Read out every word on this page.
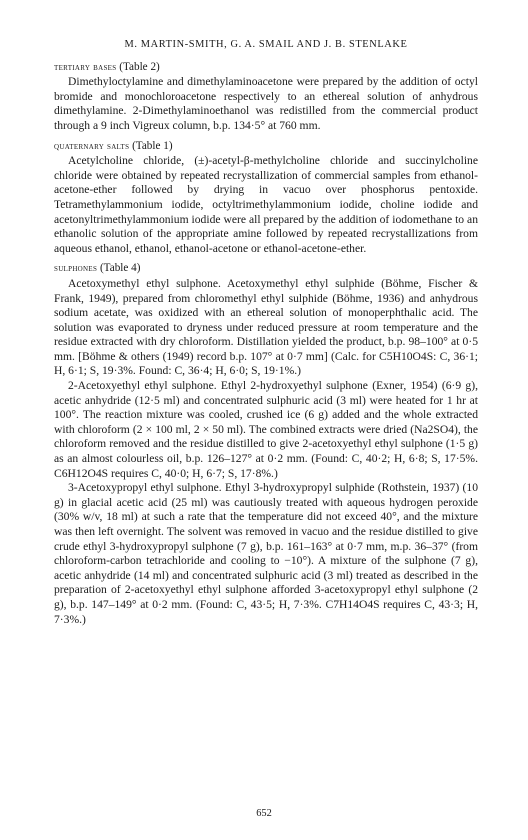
M. MARTIN-SMITH, G. A. SMAIL AND J. B. STENLAKE
tertiary bases (Table 2)

Dimethyloctylamine and dimethylaminoacetone were prepared by the addition of octyl bromide and monochloroacetone respectively to an ethereal solution of anhydrous dimethylamine. 2-Dimethylaminoethanol was redistilled from the commercial product through a 9 inch Vigreux column, b.p. 134·5° at 760 mm.

quaternary salts (Table 1)

Acetylcholine chloride, (±)-acetyl-β-methylcholine chloride and succinylcholine chloride were obtained by repeated recrystallization of commercial samples from ethanol-acetone-ether followed by drying in vacuo over phosphorus pentoxide. Tetramethylammonium iodide, octyltrimethylammonium iodide, choline iodide and acetonyltrimethylammonium iodide were all prepared by the addition of iodomethane to an ethanolic solution of the appropriate amine followed by repeated recrystallizations from aqueous ethanol, ethanol, ethanol-acetone or ethanol-acetone-ether.

sulphones (Table 4)

Acetoxymethyl ethyl sulphone. Acetoxymethyl ethyl sulphide (Böhme, Fischer & Frank, 1949), prepared from chloromethyl ethyl sulphide (Böhme, 1936) and anhydrous sodium acetate, was oxidized with an ethereal solution of monoperphthalic acid. The solution was evaporated to dryness under reduced pressure at room temperature and the residue extracted with dry chloroform. Distillation yielded the product, b.p. 98–100° at 0·5 mm. [Böhme & others (1949) record b.p. 107° at 0·7 mm] (Calc. for C5H10O4S: C, 36·1; H, 6·1; S, 19·3%. Found: C, 36·4; H, 6·0; S, 19·1%.)

2-Acetoxyethyl ethyl sulphone. Ethyl 2-hydroxyethyl sulphone (Exner, 1954) (6·9 g), acetic anhydride (12·5 ml) and concentrated sulphuric acid (3 ml) were heated for 1 hr at 100°. The reaction mixture was cooled, crushed ice (6 g) added and the whole extracted with chloroform (2 × 100 ml, 2 × 50 ml). The combined extracts were dried (Na2SO4), the chloroform removed and the residue distilled to give 2-acetoxyethyl ethyl sulphone (1·5 g) as an almost colourless oil, b.p. 126–127° at 0·2 mm. (Found: C, 40·2; H, 6·8; S, 17·5%. C6H12O4S requires C, 40·0; H, 6·7; S, 17·8%.)

3-Acetoxypropyl ethyl sulphone. Ethyl 3-hydroxypropyl sulphide (Rothstein, 1937) (10 g) in glacial acetic acid (25 ml) was cautiously treated with aqueous hydrogen peroxide (30% w/v, 18 ml) at such a rate that the temperature did not exceed 40°, and the mixture was then left overnight. The solvent was removed in vacuo and the residue distilled to give crude ethyl 3-hydroxypropyl sulphone (7 g), b.p. 161–163° at 0·7 mm, m.p. 36–37° (from chloroform-carbon tetrachloride and cooling to −10°). A mixture of the sulphone (7 g), acetic anhydride (14 ml) and concentrated sulphuric acid (3 ml) treated as described in the preparation of 2-acetoxyethyl ethyl sulphone afforded 3-acetoxypropyl ethyl sulphone (2 g), b.p. 147–149° at 0·2 mm. (Found: C, 43·5; H, 7·3%. C7H14O4S requires C, 43·3; H, 7·3%.)

652
